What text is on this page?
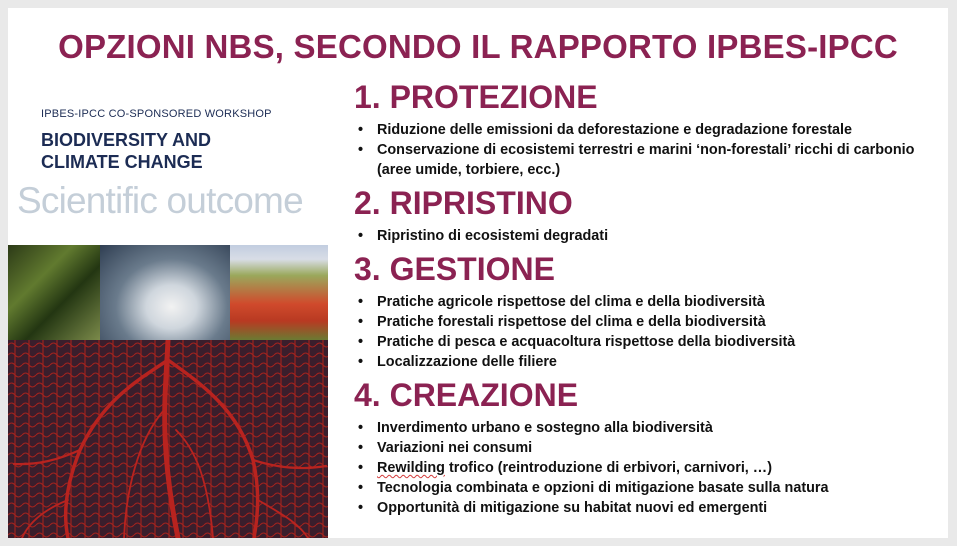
OPZIONI NBS, SECONDO IL RAPPORTO IPBES-IPCC
IPBES-IPCC CO-SPONSORED WORKSHOP
BIODIVERSITY AND
CLIMATE CHANGE
Scientific outcome
1. PROTEZIONE
• Riduzione delle emissioni da deforestazione e degradazione forestale
• Conservazione di ecosistemi terrestri e marini ‘non-forestali’ ricchi di carbonio (aree umide, torbiere, ecc.)
2. RIPRISTINO
• Ripristino di ecosistemi degradati
3. GESTIONE
• Pratiche agricole rispettose del clima e della biodiversità
• Pratiche forestali rispettose del clima e della biodiversità
• Pratiche di pesca e acquacoltura rispettose della biodiversità
• Localizzazione delle filiere
4. CREAZIONE
• Inverdimento urbano e sostegno alla biodiversità
• Variazioni nei consumi
• Rewilding trofico (reintroduzione di erbivori, carnivori, …)
• Tecnologia combinata e opzioni di mitigazione basate sulla natura
• Opportunità di mitigazione su habitat nuovi ed emergenti
